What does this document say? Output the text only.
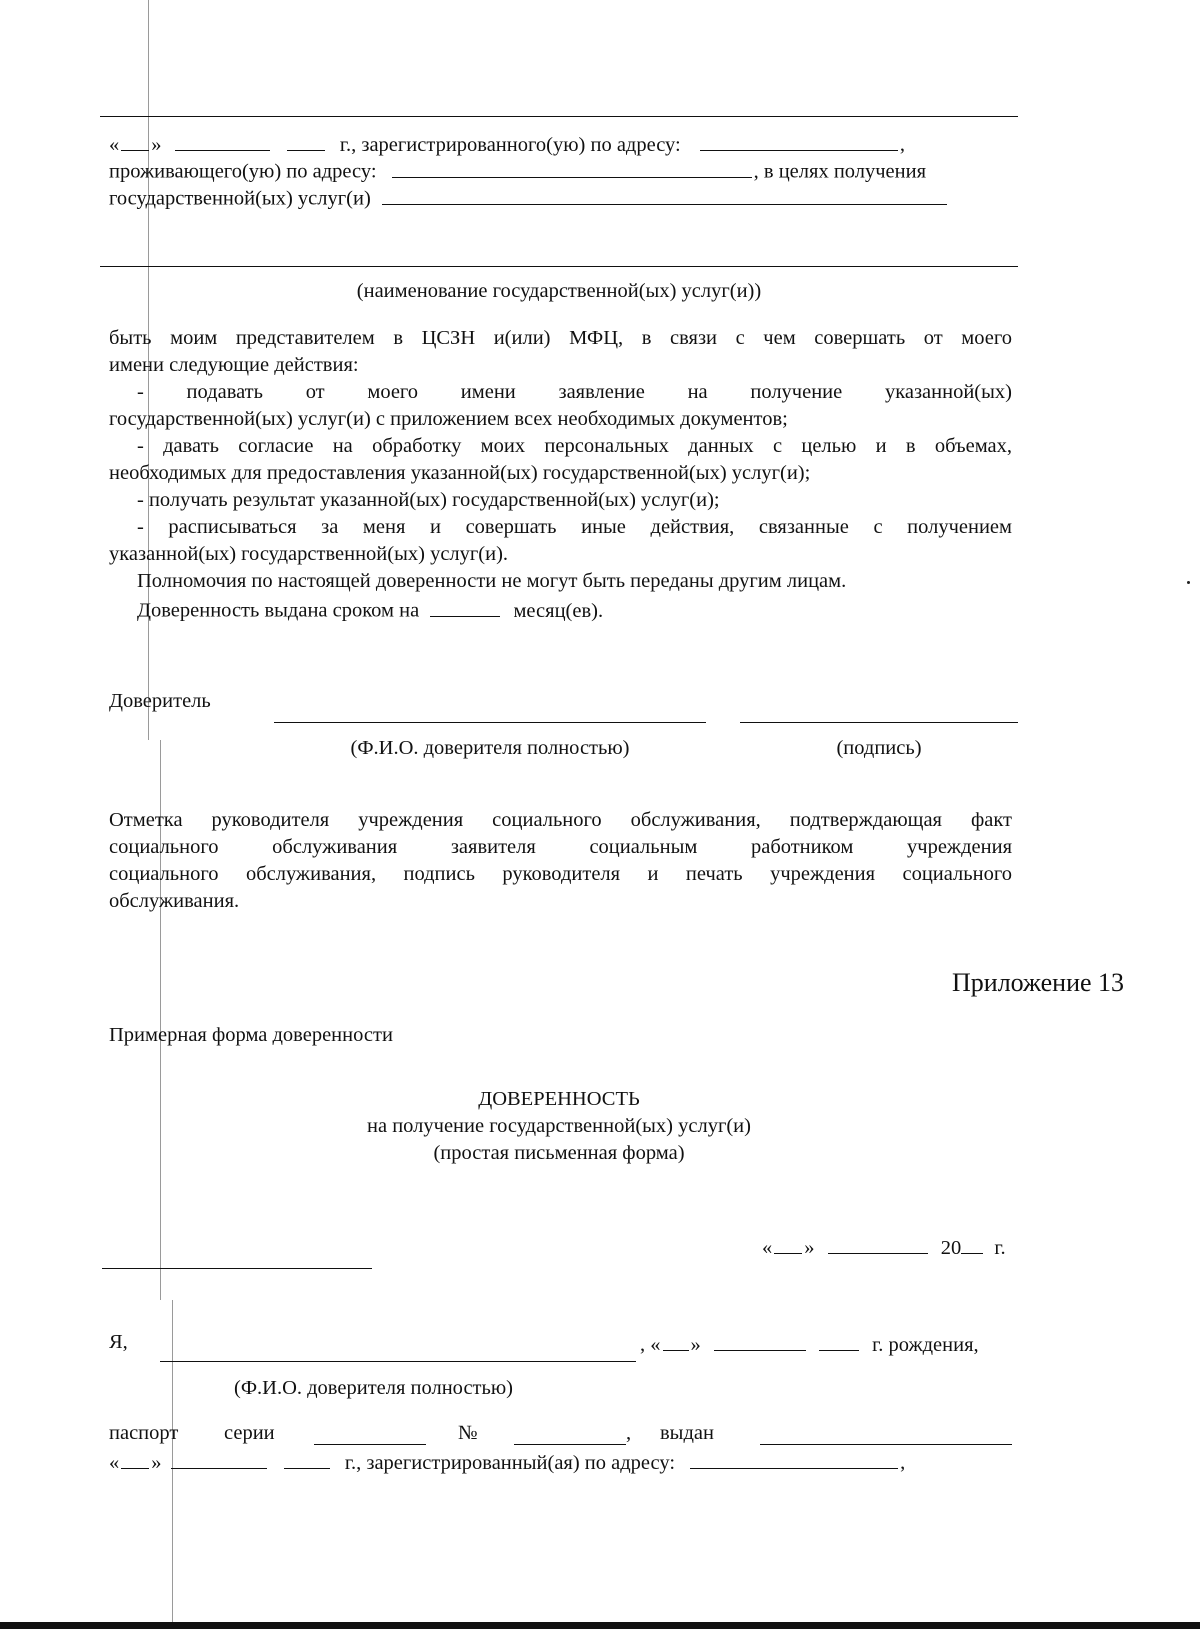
« »	г., зарегистрированного(ую) по адресу:	,
проживающего(ую) по адресу:	, в целях получения
государственной(ых) услуг(и)
(наименование государственной(ых) услуг(и))
быть моим представителем в ЦСЗН и(или) МФЦ, в связи с чем совершать от моего
имени следующие действия:
- подавать от моего имени заявление на получение указанной(ых)
государственной(ых) услуг(и) с приложением всех необходимых документов;
- давать согласие на обработку моих персональных данных с целью и в объемах,
необходимых для предоставления указанной(ых) государственной(ых) услуг(и);
- получать результат указанной(ых) государственной(ых) услуг(и);
- расписываться за меня и совершать иные действия, связанные с получением
указанной(ых) государственной(ых) услуг(и).
Полномочия по настоящей доверенности не могут быть переданы другим лицам.
Доверенность выдана сроком на	месяц(ев).
Доверитель
(Ф.И.О. доверителя полностью)	(подпись)
Отметка руководителя учреждения социального обслуживания, подтверждающая факт
социального обслуживания заявителя социальным работником учреждения
социального обслуживания, подпись руководителя и печать учреждения социального
обслуживания.
Приложение 13
Примерная форма доверенности
ДОВЕРЕННОСТЬ
на получение государственной(ых) услуг(и)
(простая письменная форма)
« »	20 г.
Я,	, « »	г. рождения,
(Ф.И.О. доверителя полностью)
паспорт серии	№	, выдан
« »	г., зарегистрированный(ая) по адресу:	,
